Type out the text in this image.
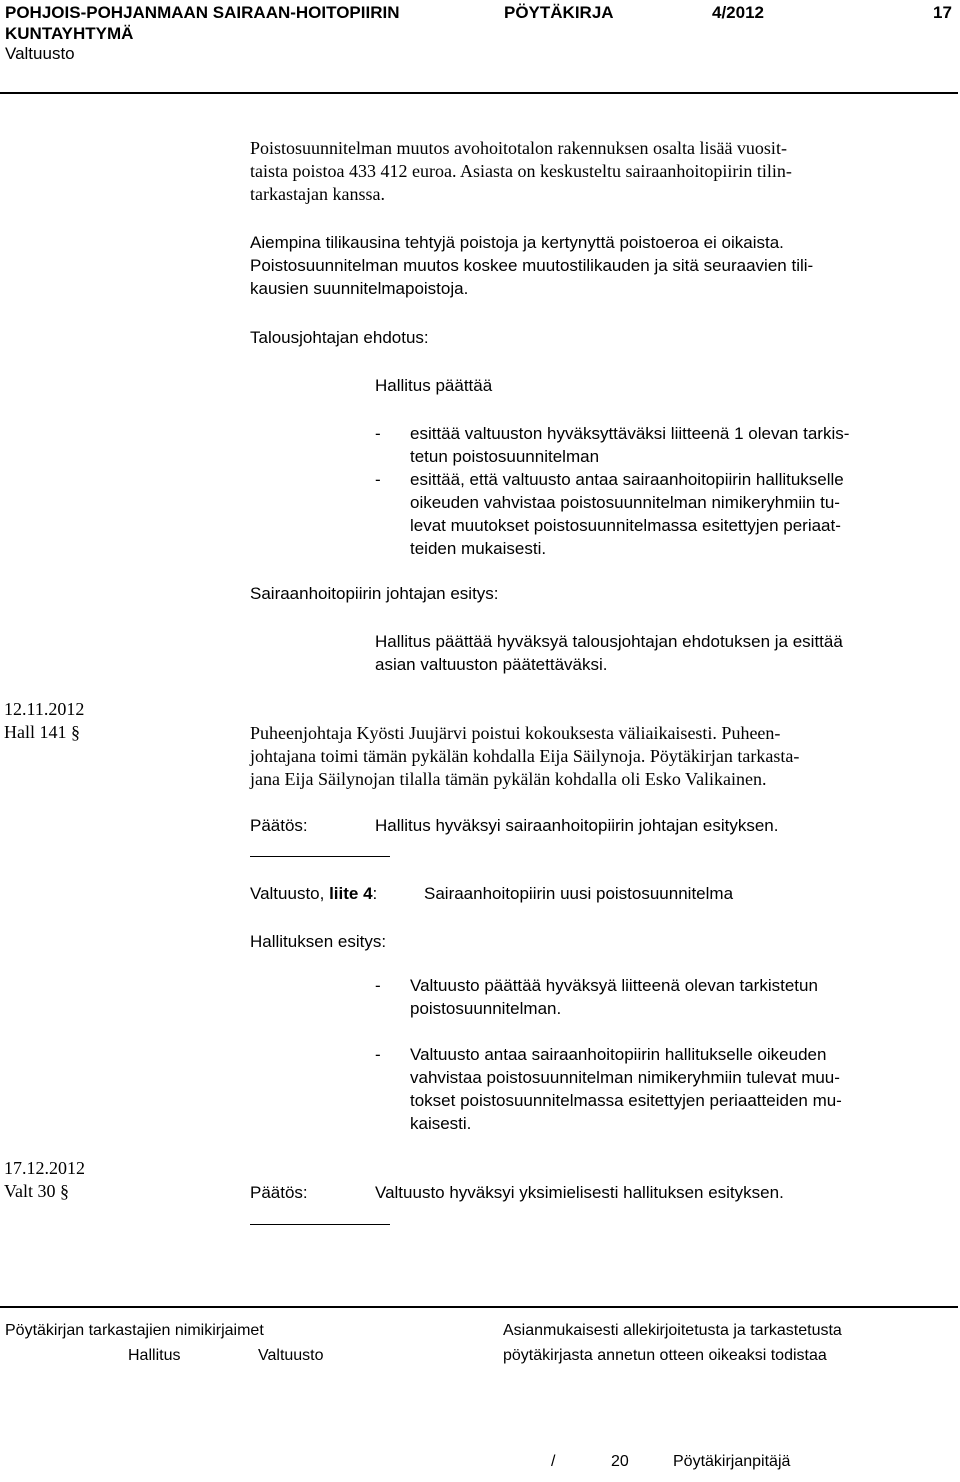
POHJOIS-POHJANMAAN SAIRAAN-HOITOPIIRIN KUNTAYHTYMÄ
PÖYTÄKIRJA	4/2012	17
Valtuusto
Poistosuunnitelman muutos avohoitotalon rakennuksen osalta lisää vuosit-
taista poistoa 433 412 euroa. Asiasta on keskusteltu sairaanhoitopiirin tilin-
tarkastajan kanssa.
Aiempina tilikausina tehtyjä poistoja ja kertynyttä poistoeroa ei oikaista.
Poistosuunnitelman muutos koskee muutostilikauden ja sitä seuraavien tili-
kausien suunnitelmapoistoja.
Talousjohtajan ehdotus:
Hallitus päättää
- esittää valtuuston hyväksyttäväksi liitteenä 1 olevan tarkis-
tetun poistosuunnitelman
- esittää, että valtuusto antaa sairaanhoitopiirin hallitukselle
oikeuden vahvistaa poistosuunnitelman nimikeryhmiin tu-
levat muutokset poistosuunnitelmassa esitettyjen periaat-
teiden mukaisesti.
Sairaanhoitopiirin johtajan esitys:
Hallitus päättää hyväksyä talousjohtajan ehdotuksen ja esittää
asian valtuuston päätettäväksi.
12.11.2012
Hall 141 §	Puheenjohtaja Kyösti Juujärvi poistui kokouksesta väliaikaisesti. Puheen-
johtajana toimi tämän pykälän kohdalla Eija Säilynoja. Pöytäkirjan tarkasta-
jana Eija Säilynojan tilalla tämän pykälän kohdalla oli Esko Valikainen.
Päätös:	Hallitus hyväksyi sairaanhoitopiirin johtajan esityksen.
Valtuusto, liite 4:	Sairaanhoitopiirin uusi poistosuunnitelma
Hallituksen esitys:
- Valtuusto päättää hyväksyä liitteenä olevan tarkistetun
poistosuunnitelman.
- Valtuusto antaa sairaanhoitopiirin hallitukselle oikeuden
vahvistaa poistosuunnitelman nimikeryhmiin tulevat muu-
tokset poistosuunnitelmassa esitettyjen periaatteiden mu-
kaisesti.
17.12.2012
Valt 30 §	Päätös:	Valtuusto hyväksyi yksimielisesti hallituksen esityksen.
Pöytäkirjan tarkastajien nimikirjaimet
Hallitus	Valtuusto
Asianmukaisesti allekirjoitetusta ja tarkastetusta
pöytäkirjasta annetun otteen oikeaksi todistaa
/	20	Pöytäkirjanpitäjä
